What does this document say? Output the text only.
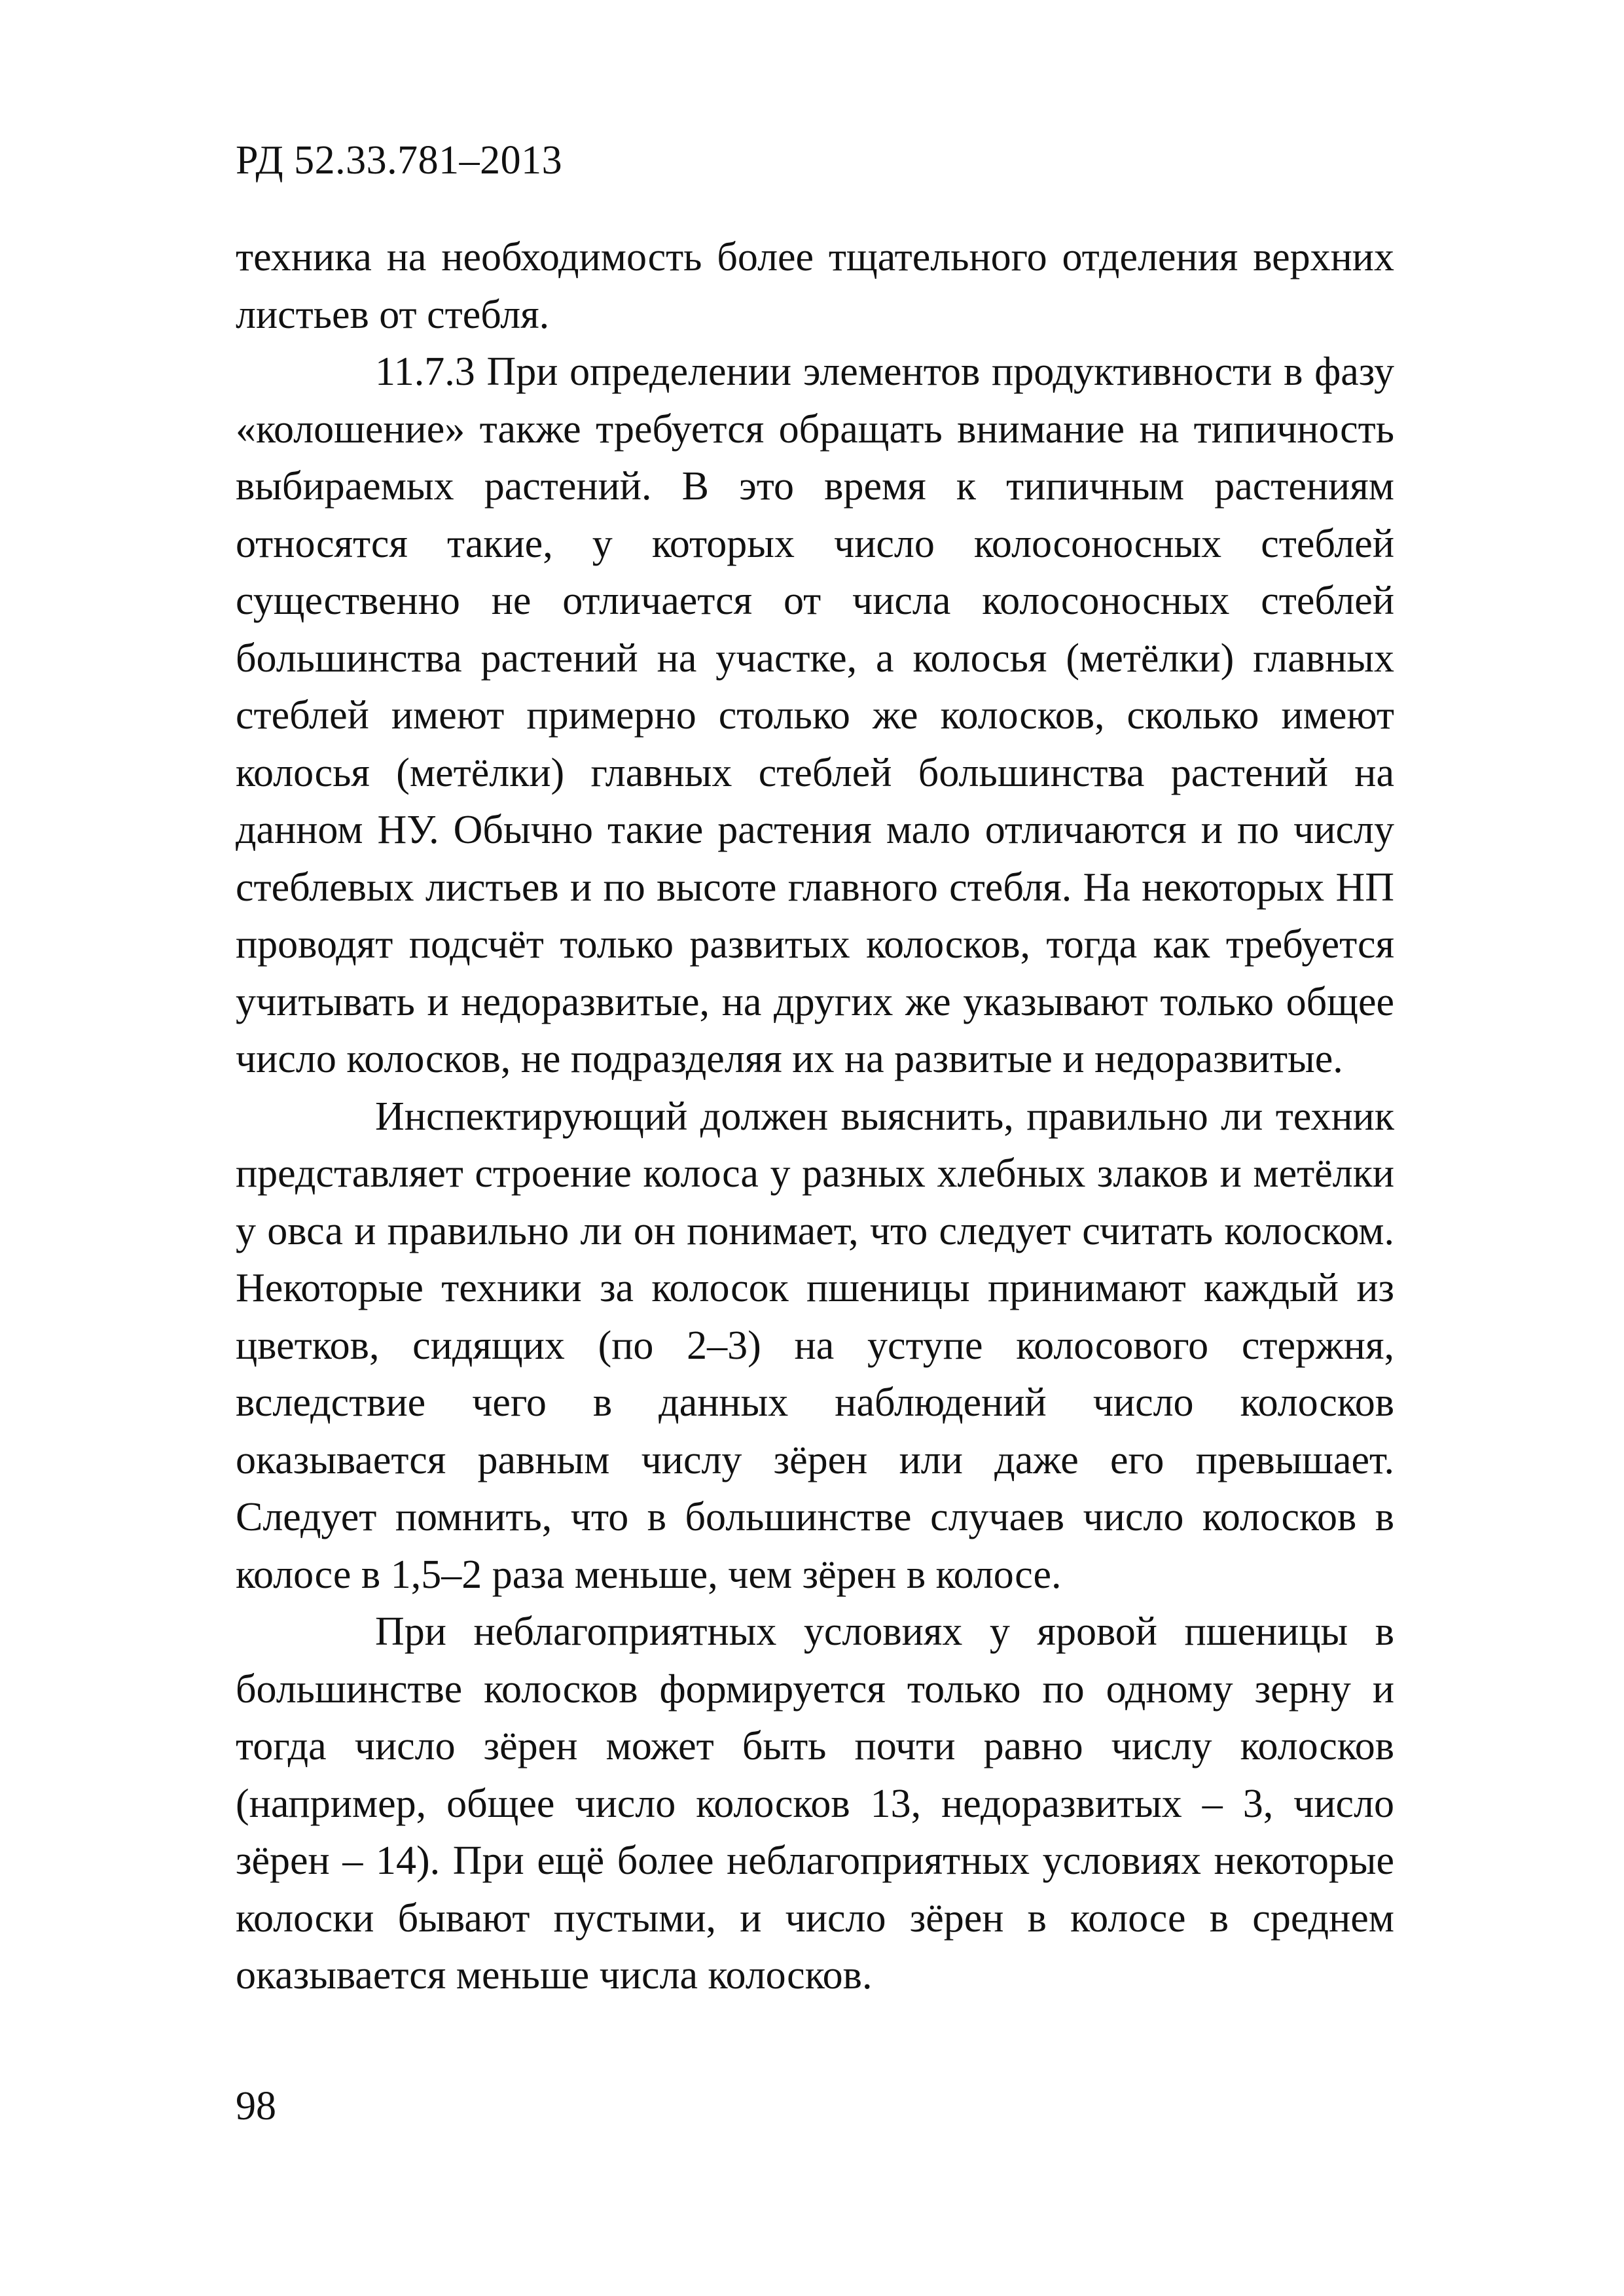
РД 52.33.781–2013

техника на необходимость более тщательного отделения верхних листьев от стебля.

11.7.3 При определении элементов продуктивности в фазу «колошение» также требуется обращать внимание на типичность выбираемых растений. В это время к типичным растениям относятся такие, у которых число колосоносных стеблей существенно не отличается от числа колосоносных стеблей большинства растений на участке, а колосья (метёлки) главных стеблей имеют примерно столько же колосков, сколько имеют колосья (метёлки) главных стеблей большинства растений на данном НУ. Обычно такие растения мало отличаются и по числу стеблевых листьев и по высоте главного стебля. На некоторых НП проводят подсчёт только развитых колосков, тогда как требуется учитывать и недоразвитые, на других же указывают только общее число колосков, не подразделяя их на развитые и недоразвитые.

Инспектирующий должен выяснить, правильно ли техник представляет строение колоса у разных хлебных злаков и метёлки у овса и правильно ли он понимает, что следует считать колоском. Некоторые техники за колосок пшеницы принимают каждый из цветков, сидящих (по 2–3) на уступе колосового стержня, вследствие чего в данных наблюдений число колосков оказывается равным числу зёрен или даже его превышает. Следует помнить, что в большинстве случаев число колосков в колосе в 1,5–2 раза меньше, чем зёрен в колосе.

При неблагоприятных условиях у яровой пшеницы в большинстве колосков формируется только по одному зерну и тогда число зёрен может быть почти равно числу колосков (например, общее число колосков 13, недоразвитых – 3, число зёрен – 14). При ещё более неблагоприятных условиях некоторые колоски бывают пустыми, и число зёрен в колосе в среднем оказывается меньше числа колосков.

98
